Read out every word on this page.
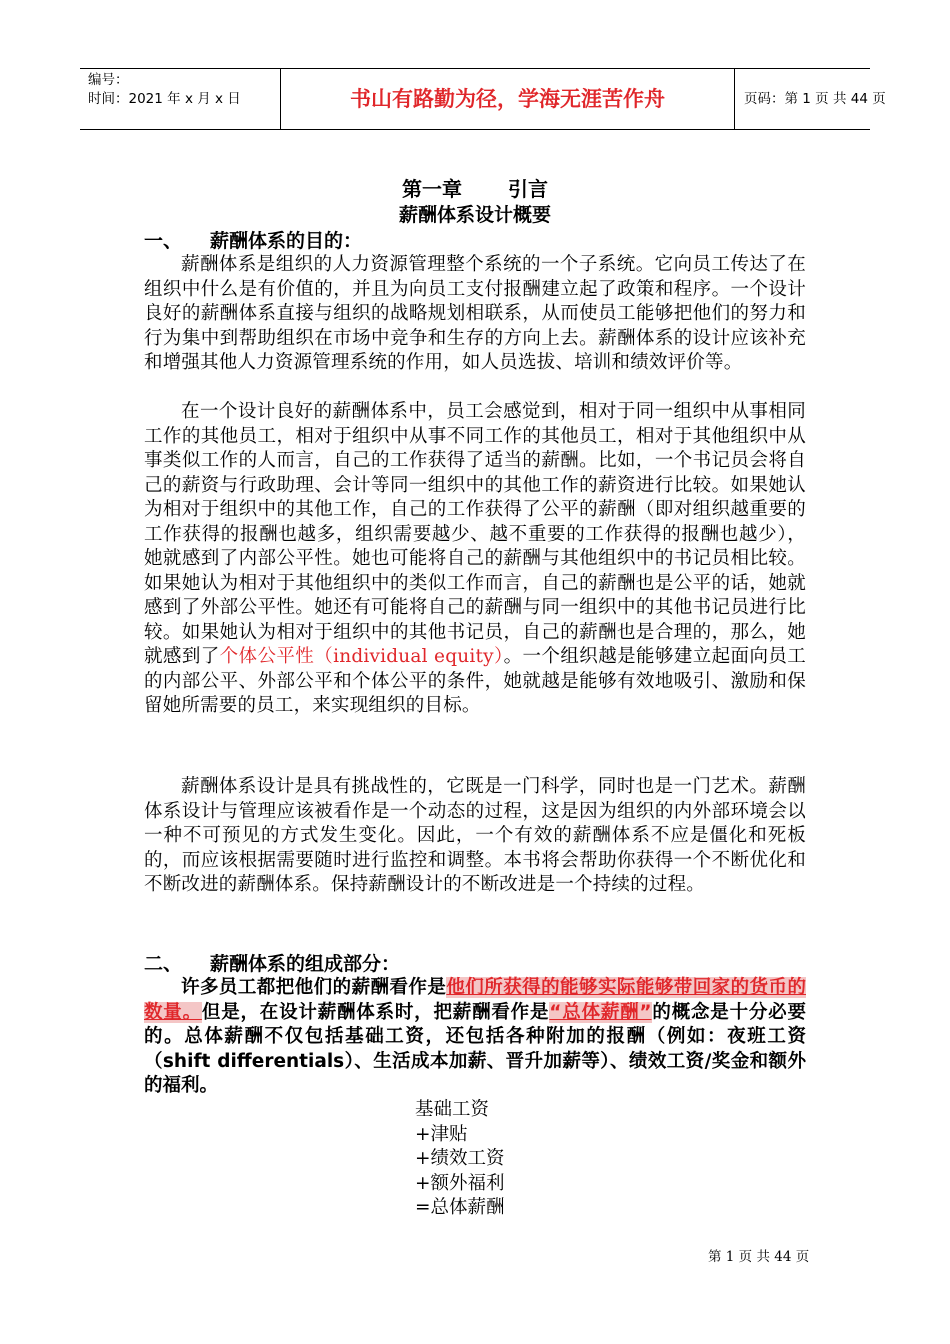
编号：
时间：2021 年 x 月 x 日	书山有路勤为径，学海无涯苦作舟	页码：第 1 页 共 44 页
第一章 引言
薪酬体系设计概要
一、 薪酬体系的目的：
薪酬体系是组织的人力资源管理整个系统的一个子系统。它向员工传达了在组织中什么是有价值的，并且为向员工支付报酬建立起了政策和程序。一个设计良好的薪酬体系直接与组织的战略规划相联系，从而使员工能够把他们的努力和行为集中到帮助组织在市场中竞争和生存的方向上去。薪酬体系的设计应该补充和增强其他人力资源管理系统的作用，如人员选拔、培训和绩效评价等。
在一个设计良好的薪酬体系中，员工会感觉到，相对于同一组织中从事相同工作的其他员工，相对于组织中从事不同工作的其他员工，相对于其他组织中从事类似工作的人而言，自己的工作获得了适当的薪酬。比如，一个书记员会将自己的薪资与行政助理、会计等同一组织中的其他工作的薪资进行比较。如果她认为相对于组织中的其他工作，自己的工作获得了公平的薪酬（即对组织越重要的工作获得的报酬也越多，组织需要越少、越不重要的工作获得的报酬也越少），她就感到了内部公平性。她也可能将自己的薪酬与其他组织中的书记员相比较。如果她认为相对于其他组织中的类似工作而言，自己的薪酬也是公平的话，她就感到了外部公平性。她还有可能将自己的薪酬与同一组织中的其他书记员进行比较。如果她认为相对于组织中的其他书记员，自己的薪酬也是合理的，那么，她就感到了个体公平性（individual equity）。一个组织越是能够建立起面向员工的内部公平、外部公平和个体公平的条件，她就越是能够有效地吸引、激励和保留她所需要的员工，来实现组织的目标。
薪酬体系设计是具有挑战性的，它既是一门科学，同时也是一门艺术。薪酬体系设计与管理应该被看作是一个动态的过程，这是因为组织的内外部环境会以一种不可预见的方式发生变化。因此，一个有效的薪酬体系不应是僵化和死板的，而应该根据需要随时进行监控和调整。本书将会帮助你获得一个不断优化和不断改进的薪酬体系。保持薪酬设计的不断改进是一个持续的过程。
二、 薪酬体系的组成部分：
许多员工都把他们的薪酬看作是他们所获得的能够实际能够带回家的货币的数量。但是，在设计薪酬体系时，把薪酬看作是“总体薪酬”的概念是十分必要的。总体薪酬不仅包括基础工资，还包括各种附加的报酬（例如：夜班工资（shift differentials）、生活成本加薪、晋升加薪等）、绩效工资/奖金和额外的福利。
基础工资
+津贴
+绩效工资
+额外福利
=总体薪酬
第 1 页 共 44 页
